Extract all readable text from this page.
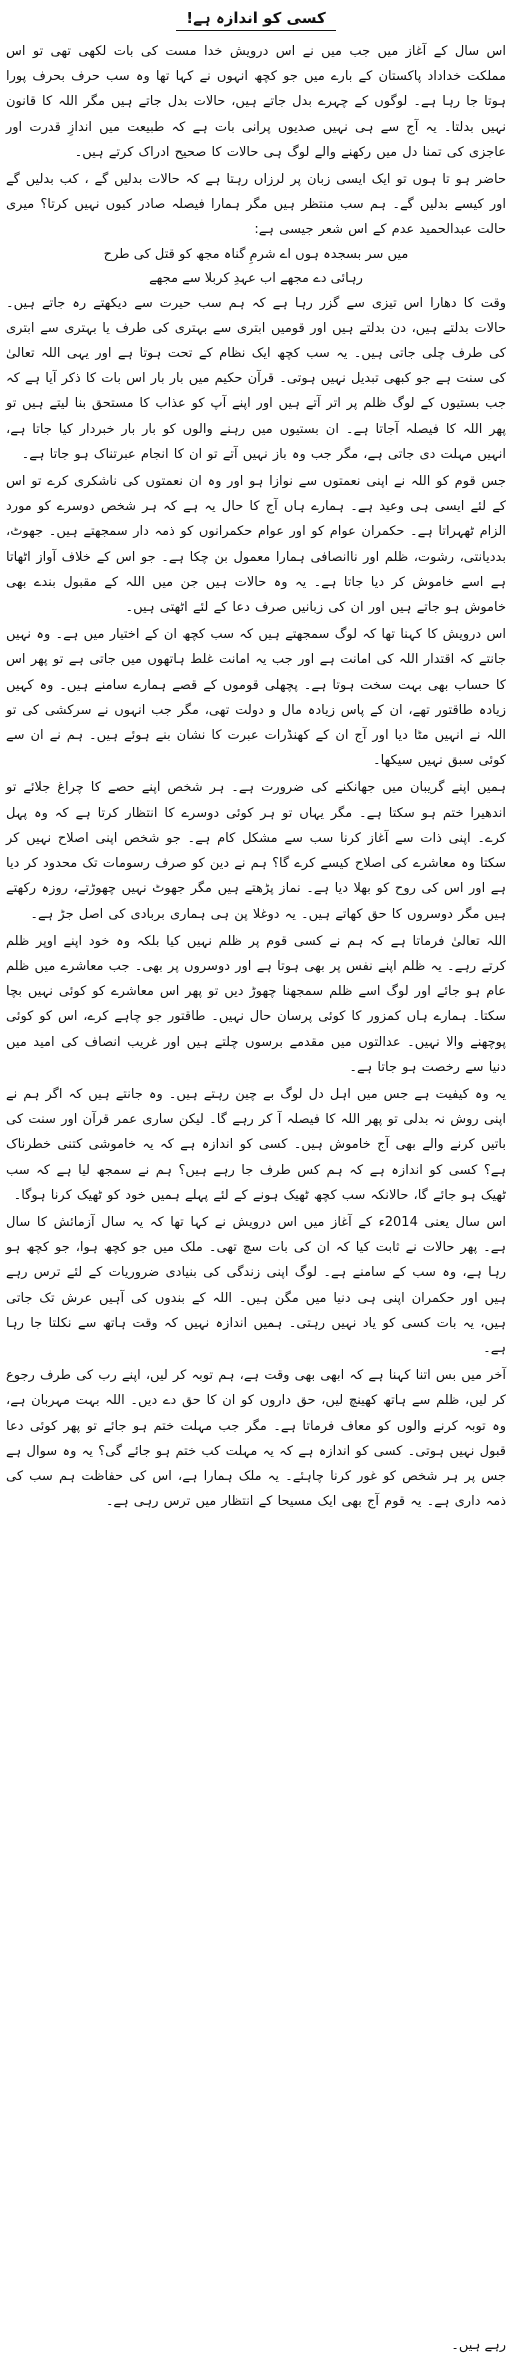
کسی کو اندازہ ہے!

اس سال کے آغاز میں جب میں نے اس درویش خدا مست کی بات لکھی تھی تو اس مملکت خداداد پاکستان کے بارے میں جو کچھ انہوں نے کہا تھا وہ سب حرف بحرف پورا ہوتا جا رہا ہے۔ لوگوں کے چہرے بدل جاتے ہیں، حالات بدل جاتے ہیں مگر اللہ کا قانون نہیں بدلتا۔ یہ آج سے ہی نہیں صدیوں پرانی بات ہے کہ طبیعت میں اندازِ قدرت اور عاجزی کی تمنا دل میں رکھنے والے لوگ ہی حالات کا صحیح ادراک کرتے ہیں۔

حاضر ہو تا ہوں تو ایک ایسی زبان پر لرزاں رہتا ہے کہ حالات بدلیں گے ، کب بدلیں گے اور کیسے بدلیں گے۔ ہم سب منتظر ہیں مگر ہمارا فیصلہ صادر کیوں نہیں کرتا؟ میری حالت عبدالحمید عدم کے اس شعر جیسی ہے:

میں سر بسجدہ ہوں اے شرمِ گناہ مجھ کو قتل کی طرح

رہائی دے مجھے اب عہدِ کربلا سے مجھے

وقت کا دھارا اس تیزی سے گزر رہا ہے کہ ہم سب حیرت سے دیکھتے رہ جاتے ہیں۔ حالات بدلتے ہیں، دن بدلتے ہیں اور قومیں ابتری سے بہتری کی طرف یا بہتری سے ابتری کی طرف چلی جاتی ہیں۔ یہ سب کچھ ایک نظام کے تحت ہوتا ہے اور یہی اللہ تعالیٰ کی سنت ہے جو کبھی تبدیل نہیں ہوتی۔ قرآن حکیم میں بار بار اس بات کا ذکر آیا ہے کہ جب بستیوں کے لوگ ظلم پر اتر آتے ہیں اور اپنے آپ کو عذاب کا مستحق بنا لیتے ہیں تو پھر اللہ کا فیصلہ آجاتا ہے۔ ان بستیوں میں رہنے والوں کو بار بار خبردار کیا جاتا ہے، انہیں مہلت دی جاتی ہے، مگر جب وہ باز نہیں آتے تو ان کا انجام عبرتناک ہو جاتا ہے۔

جس قوم کو اللہ نے اپنی نعمتوں سے نوازا ہو اور وہ ان نعمتوں کی ناشکری کرے تو اس کے لئے ایسی ہی وعید ہے۔ ہمارے ہاں آج کا حال یہ ہے کہ ہر شخص دوسرے کو مورد الزام ٹھہراتا ہے۔ حکمران عوام کو اور عوام حکمرانوں کو ذمہ دار سمجھتے ہیں۔ جھوٹ، بددیانتی، رشوت، ظلم اور ناانصافی ہمارا معمول بن چکا ہے۔ جو اس کے خلاف آواز اٹھاتا ہے اسے خاموش کر دیا جاتا ہے۔ یہ وہ حالات ہیں جن میں اللہ کے مقبول بندے بھی خاموش ہو جاتے ہیں اور ان کی زبانیں صرف دعا کے لئے اٹھتی ہیں۔

اس درویش کا کہنا تھا کہ لوگ سمجھتے ہیں کہ سب کچھ ان کے اختیار میں ہے۔ وہ نہیں جانتے کہ اقتدار اللہ کی امانت ہے اور جب یہ امانت غلط ہاتھوں میں جاتی ہے تو پھر اس کا حساب بھی بہت سخت ہوتا ہے۔ پچھلی قوموں کے قصے ہمارے سامنے ہیں۔ وہ کہیں زیادہ طاقتور تھے، ان کے پاس زیادہ مال و دولت تھی، مگر جب انہوں نے سرکشی کی تو اللہ نے انہیں مٹا دیا اور آج ان کے کھنڈرات عبرت کا نشان بنے ہوئے ہیں۔ ہم نے ان سے کوئی سبق نہیں سیکھا۔

ہمیں اپنے گریبان میں جھانکنے کی ضرورت ہے۔ ہر شخص اپنے حصے کا چراغ جلائے تو اندھیرا ختم ہو سکتا ہے۔ مگر یہاں تو ہر کوئی دوسرے کا انتظار کرتا ہے کہ وہ پہل کرے۔ اپنی ذات سے آغاز کرنا سب سے مشکل کام ہے۔ جو شخص اپنی اصلاح نہیں کر سکتا وہ معاشرے کی اصلاح کیسے کرے گا؟ ہم نے دین کو صرف رسومات تک محدود کر دیا ہے اور اس کی روح کو بھلا دیا ہے۔ نماز پڑھتے ہیں مگر جھوٹ نہیں چھوڑتے، روزہ رکھتے ہیں مگر دوسروں کا حق کھاتے ہیں۔ یہ دوغلا پن ہی ہماری بربادی کی اصل جڑ ہے۔

اللہ تعالیٰ فرماتا ہے کہ ہم نے کسی قوم پر ظلم نہیں کیا بلکہ وہ خود اپنے اوپر ظلم کرتے رہے۔ یہ ظلم اپنے نفس پر بھی ہوتا ہے اور دوسروں پر بھی۔ جب معاشرے میں ظلم عام ہو جائے اور لوگ اسے ظلم سمجھنا چھوڑ دیں تو پھر اس معاشرے کو کوئی نہیں بچا سکتا۔ ہمارے ہاں کمزور کا کوئی پرسان حال نہیں۔ طاقتور جو چاہے کرے، اس کو کوئی پوچھنے والا نہیں۔ عدالتوں میں مقدمے برسوں چلتے ہیں اور غریب انصاف کی امید میں دنیا سے رخصت ہو جاتا ہے۔

یہ وہ کیفیت ہے جس میں اہل دل لوگ بے چین رہتے ہیں۔ وہ جانتے ہیں کہ اگر ہم نے اپنی روش نہ بدلی تو پھر اللہ کا فیصلہ آ کر رہے گا۔ لیکن ساری عمر قرآن اور سنت کی باتیں کرنے والے بھی آج خاموش ہیں۔ کسی کو اندازہ ہے کہ یہ خاموشی کتنی خطرناک ہے؟ کسی کو اندازہ ہے کہ ہم کس طرف جا رہے ہیں؟ ہم نے سمجھ لیا ہے کہ سب ٹھیک ہو جائے گا، حالانکہ سب کچھ ٹھیک ہونے کے لئے پہلے ہمیں خود کو ٹھیک کرنا ہوگا۔

اس سال یعنی 2014ء کے آغاز میں اس درویش نے کہا تھا کہ یہ سال آزمائش کا سال ہے۔ پھر حالات نے ثابت کیا کہ ان کی بات سچ تھی۔ ملک میں جو کچھ ہوا، جو کچھ ہو رہا ہے، وہ سب کے سامنے ہے۔ لوگ اپنی زندگی کی بنیادی ضروریات کے لئے ترس رہے ہیں اور حکمران اپنی ہی دنیا میں مگن ہیں۔ اللہ کے بندوں کی آہیں عرش تک جاتی ہیں، یہ بات کسی کو یاد نہیں رہتی۔ ہمیں اندازہ نہیں کہ وقت ہاتھ سے نکلتا جا رہا ہے۔

آخر میں بس اتنا کہنا ہے کہ ابھی بھی وقت ہے، ہم توبہ کر لیں، اپنے رب کی طرف رجوع کر لیں، ظلم سے ہاتھ کھینچ لیں، حق داروں کو ان کا حق دے دیں۔ اللہ بہت مہربان ہے، وہ توبہ کرنے والوں کو معاف فرماتا ہے۔ مگر جب مہلت ختم ہو جائے تو پھر کوئی دعا قبول نہیں ہوتی۔ کسی کو اندازہ ہے کہ یہ مہلت کب ختم ہو جائے گی؟ یہ وہ سوال ہے جس پر ہر شخص کو غور کرنا چاہئے۔ یہ ملک ہمارا ہے، اس کی حفاظت ہم سب کی ذمہ داری ہے۔ یہ قوم آج بھی ایک مسیحا کے انتظار میں ترس رہی ہے۔

رہے ہیں۔
